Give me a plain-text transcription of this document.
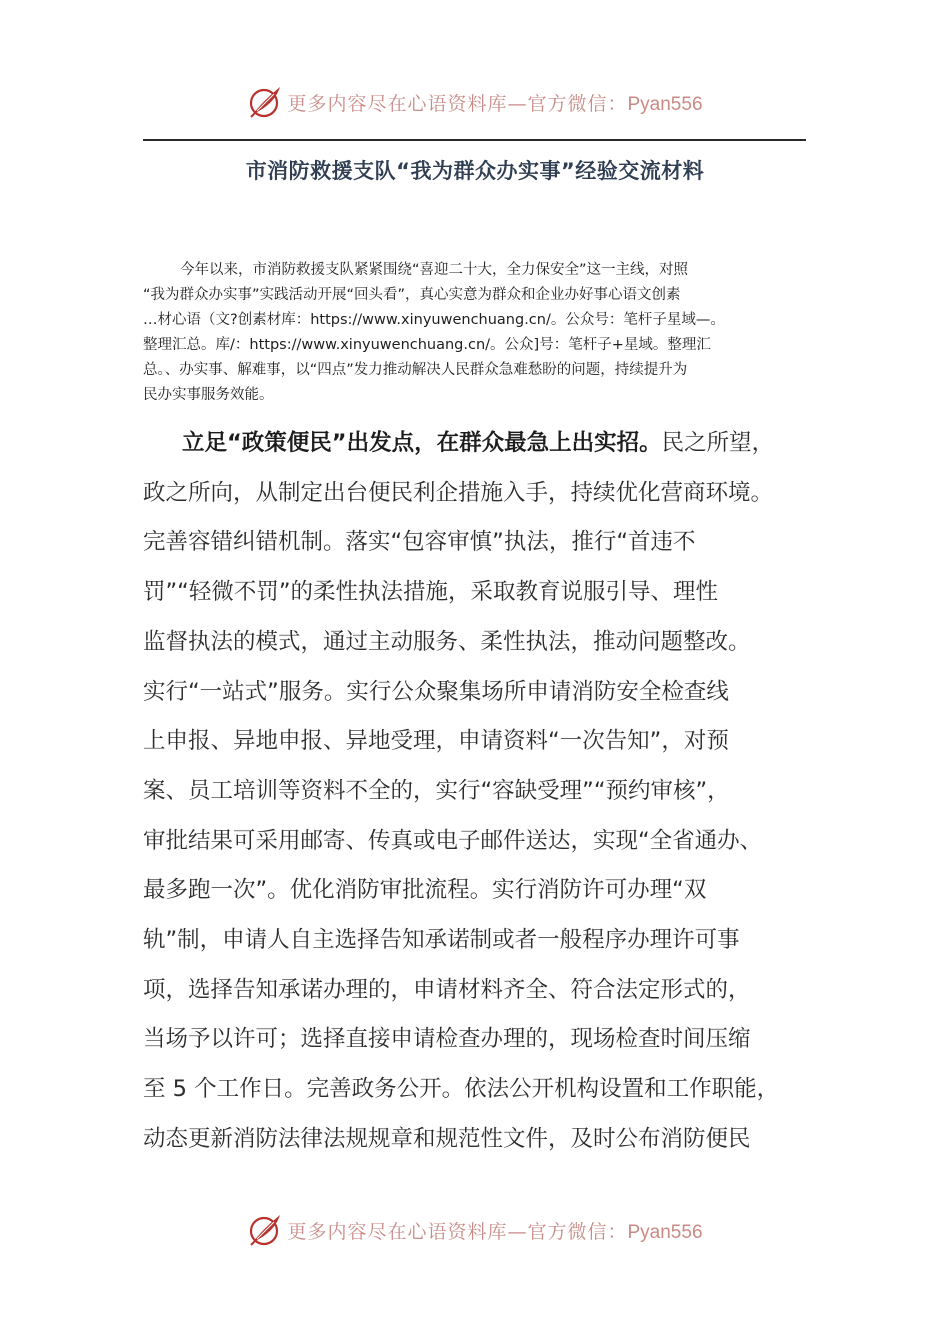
更多内容尽在心语资料库—官方微信：Pyan556
市消防救援支队“我为群众办实事”经验交流材料
今年以来，市消防救援支队紧紧围绕“喜迎二十大，全力保安全”这一主线，对照
“我为群众办实事”实践活动开展“回头看”，真心实意为群众和企业办好事心语文创素
…材心语（文?创素材库：https://www.xinyuwenchuang.cn/。公众号：笔杆子星域—。
整理汇总。库/：https://www.xinyuwenchuang.cn/。公众]号：笔杆子+星域。整理汇
总。、办实事、解难事，以“四点”发力推动解决人民群众急难愁盼的问题，持续提升为
民办实事服务效能。
立足“政策便民”出发点，在群众最急上出实招。民之所望，
政之所向，从制定出台便民利企措施入手，持续优化营商环境。
完善容错纠错机制。落实“包容审慎”执法，推行“首违不
罚”“轻微不罚”的柔性执法措施，采取教育说服引导、理性
监督执法的模式，通过主动服务、柔性执法，推动问题整改。
实行“一站式”服务。实行公众聚集场所申请消防安全检查线
上申报、异地申报、异地受理，申请资料“一次告知”，对预
案、员工培训等资料不全的，实行“容缺受理”“预约审核”，
审批结果可采用邮寄、传真或电子邮件送达，实现“全省通办、
最多跑一次”。优化消防审批流程。实行消防许可办理“双
轨”制，申请人自主选择告知承诺制或者一般程序办理许可事
项，选择告知承诺办理的，申请材料齐全、符合法定形式的，
当场予以许可；选择直接申请检查办理的，现场检查时间压缩
至 5 个工作日。完善政务公开。依法公开机构设置和工作职能，
动态更新消防法律法规规章和规范性文件，及时公布消防便民
更多内容尽在心语资料库—官方微信：Pyan556
